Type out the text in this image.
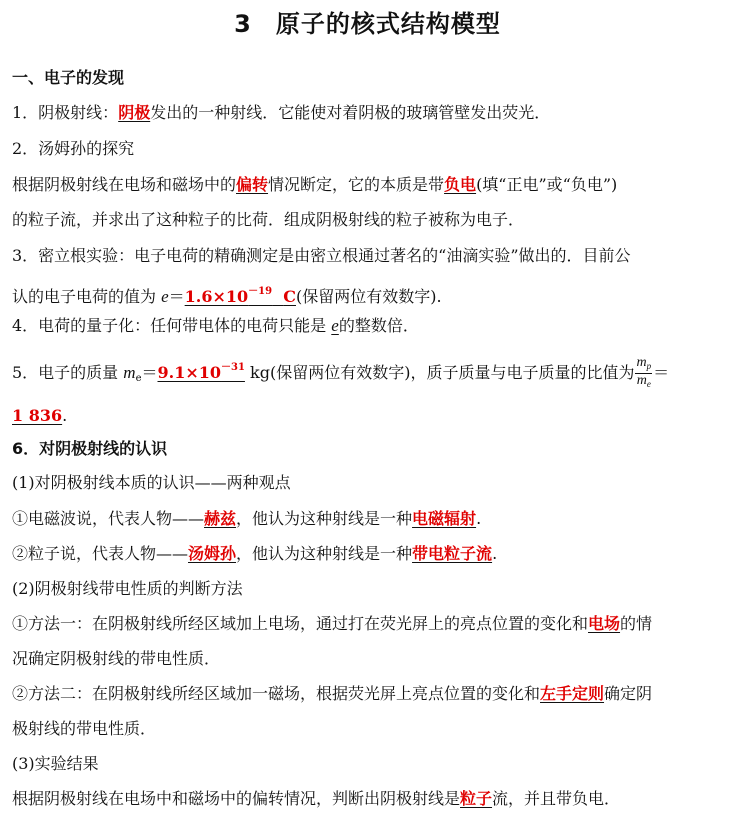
3 原子的核式结构模型
一、电子的发现
1．阴极射线：阴极发出的一种射线．它能使对着阴极的玻璃管壁发出荧光．
2．汤姆孙的探究
根据阴极射线在电场和磁场中的偏转情况断定，它的本质是带负电(填“正电”或“负电”)
的粒子流，并求出了这种粒子的比荷．组成阴极射线的粒子被称为电子．
3．密立根实验：电子电荷的精确测定是由密立根通过著名的“油滴实验”做出的．目前公
认的电子电荷的值为 $e=1.6\times 10^{-19}$ C(保留两位有效数字).
4．电荷的量子化：任何带电体的电荷只能是 e的整数倍．
5．电子的质量 $m_e=9.1\times 10^{-31}$ kg(保留两位有效数字)，质子质量与电子质量的比值为 $\frac{m_p}{m_e}$ ＝
1 836.
6．对阴极射线的认识
(1)对阴极射线本质的认识——两种观点
①电磁波说，代表人物——赫兹，他认为这种射线是一种电磁辐射.
②粒子说，代表人物——汤姆孙，他认为这种射线是一种带电粒子流.
(2)阴极射线带电性质的判断方法
①方法一：在阴极射线所经区域加上电场，通过打在荧光屏上的亮点位置的变化和电场的情
况确定阴极射线的带电性质．
②方法二：在阴极射线所经区域加一磁场，根据荧光屏上亮点位置的变化和左手定则确定阴
极射线的带电性质．
(3)实验结果
根据阴极射线在电场中和磁场中的偏转情况，判断出阴极射线是粒子流，并且带负电．
